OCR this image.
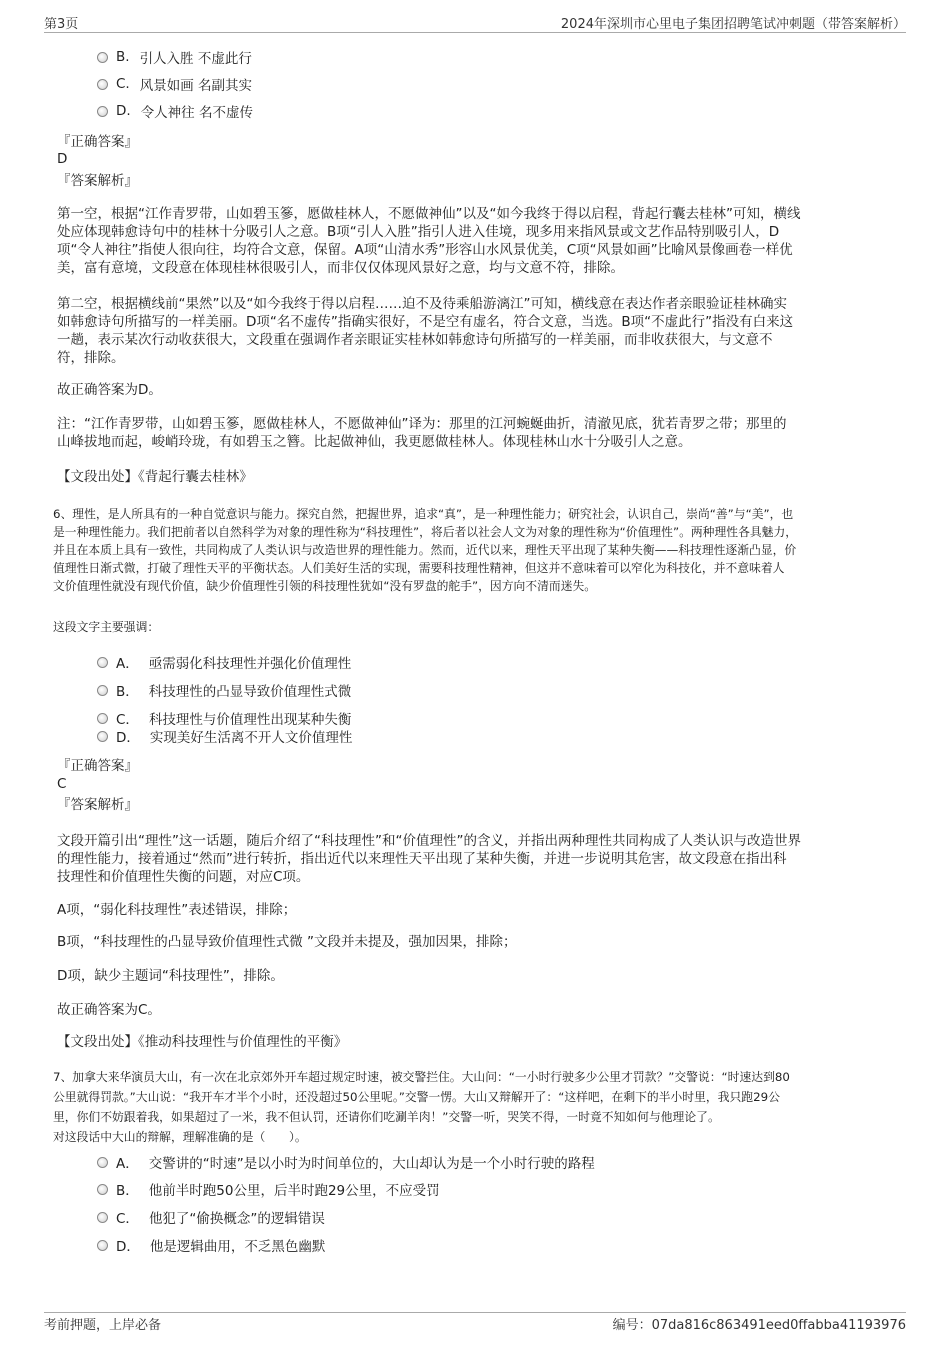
第3页	2024年深圳市心里电子集团招聘笔试冲刺题（带答案解析）
B. 引人入胜 不虚此行
C. 风景如画 名副其实
D. 令人神往 名不虚传
『正确答案』
D
『答案解析』
第一空，根据“江作青罗带，山如碧玉篸，愿做桂林人，不愿做神仙”以及“如今我终于得以启程，背起行囊去桂林”可知，横线
处应体现韩愈诗句中的桂林十分吸引人之意。B项“引人入胜”指引人进入佳境，现多用来指风景或文艺作品特别吸引人，D
项“令人神往”指使人很向往，均符合文意，保留。A项“山清水秀”形容山水风景优美，C项“风景如画”比喻风景像画卷一样优
美，富有意境，文段意在体现桂林很吸引人，而非仅仅体现风景好之意，均与文意不符，排除。
第二空，根据横线前“果然”以及“如今我终于得以启程……迫不及待乘船游漓江”可知，横线意在表达作者亲眼验证桂林确实
如韩愈诗句所描写的一样美丽。D项“名不虚传”指确实很好，不是空有虚名，符合文意，当选。B项“不虚此行”指没有白来这
一趟，表示某次行动收获很大，文段重在强调作者亲眼证实桂林如韩愈诗句所描写的一样美丽，而非收获很大，与文意不
符，排除。
故正确答案为D。
注：“江作青罗带，山如碧玉篸，愿做桂林人，不愿做神仙”译为：那里的江河蜿蜒曲折，清澈见底，犹若青罗之带；那里的
山峰拔地而起，峻峭玲珑，有如碧玉之簪。比起做神仙，我更愿做桂林人。体现桂林山水十分吸引人之意。
【文段出处】《背起行囊去桂林》
6、理性，是人所具有的一种自觉意识与能力。探究自然，把握世界，追求“真”，是一种理性能力；研究社会，认识自己，崇尚“善”与“美”，也
是一种理性能力。我们把前者以自然科学为对象的理性称为“科技理性”，将后者以社会人文为对象的理性称为“价值理性”。两种理性各具魅力，
并且在本质上具有一致性，共同构成了人类认识与改造世界的理性能力。然而，近代以来，理性天平出现了某种失衡——科技理性逐渐凸显，价
值理性日渐式微，打破了理性天平的平衡状态。人们美好生活的实现，需要科技理性精神，但这并不意味着可以窄化为科技化，并不意味着人
文价值理性就没有现代价值，缺少价值理性引领的科技理性犹如“没有罗盘的舵手”，因方向不清而迷失。
这段文字主要强调：
A． 亟需弱化科技理性并强化价值理性
B． 科技理性的凸显导致价值理性式微
C． 科技理性与价值理性出现某种失衡
D． 实现美好生活离不开人文价值理性
『正确答案』
C
『答案解析』
文段开篇引出“理性”这一话题，随后介绍了“科技理性”和“价值理性”的含义，并指出两种理性共同构成了人类认识与改造世界
的理性能力，接着通过“然而”进行转折，指出近代以来理性天平出现了某种失衡，并进一步说明其危害，故文段意在指出科
技理性和价值理性失衡的问题，对应C项。
A项，“弱化科技理性”表述错误，排除；
B项，“科技理性的凸显导致价值理性式微 ”文段并未提及，强加因果，排除；
D项，缺少主题词“科技理性”，排除。
故正确答案为C。
【文段出处】《推动科技理性与价值理性的平衡》
7、加拿大来华演员大山，有一次在北京郊外开车超过规定时速，被交警拦住。大山问：“一小时行驶多少公里才罚款？”交警说：“时速达到80
公里就得罚款。”大山说：“我开车才半个小时，还没超过50公里呢。”交警一愣。大山又辩解开了：“这样吧，在剩下的半小时里，我只跑29公
里，你们不妨跟着我，如果超过了一米，我不但认罚，还请你们吃涮羊肉！”交警一听，哭笑不得，一时竟不知如何与他理论了。
对这段话中大山的辩解，理解准确的是（　　）。
A． 交警讲的“时速”是以小时为时间单位的，大山却认为是一个小时行驶的路程
B． 他前半时跑50公里，后半时跑29公里，不应受罚
C． 他犯了“偷换概念”的逻辑错误
D． 他是逻辑曲用，不乏黑色幽默
考前押题，上岸必备	编号：07da816c863491eed0ffabba41193976
